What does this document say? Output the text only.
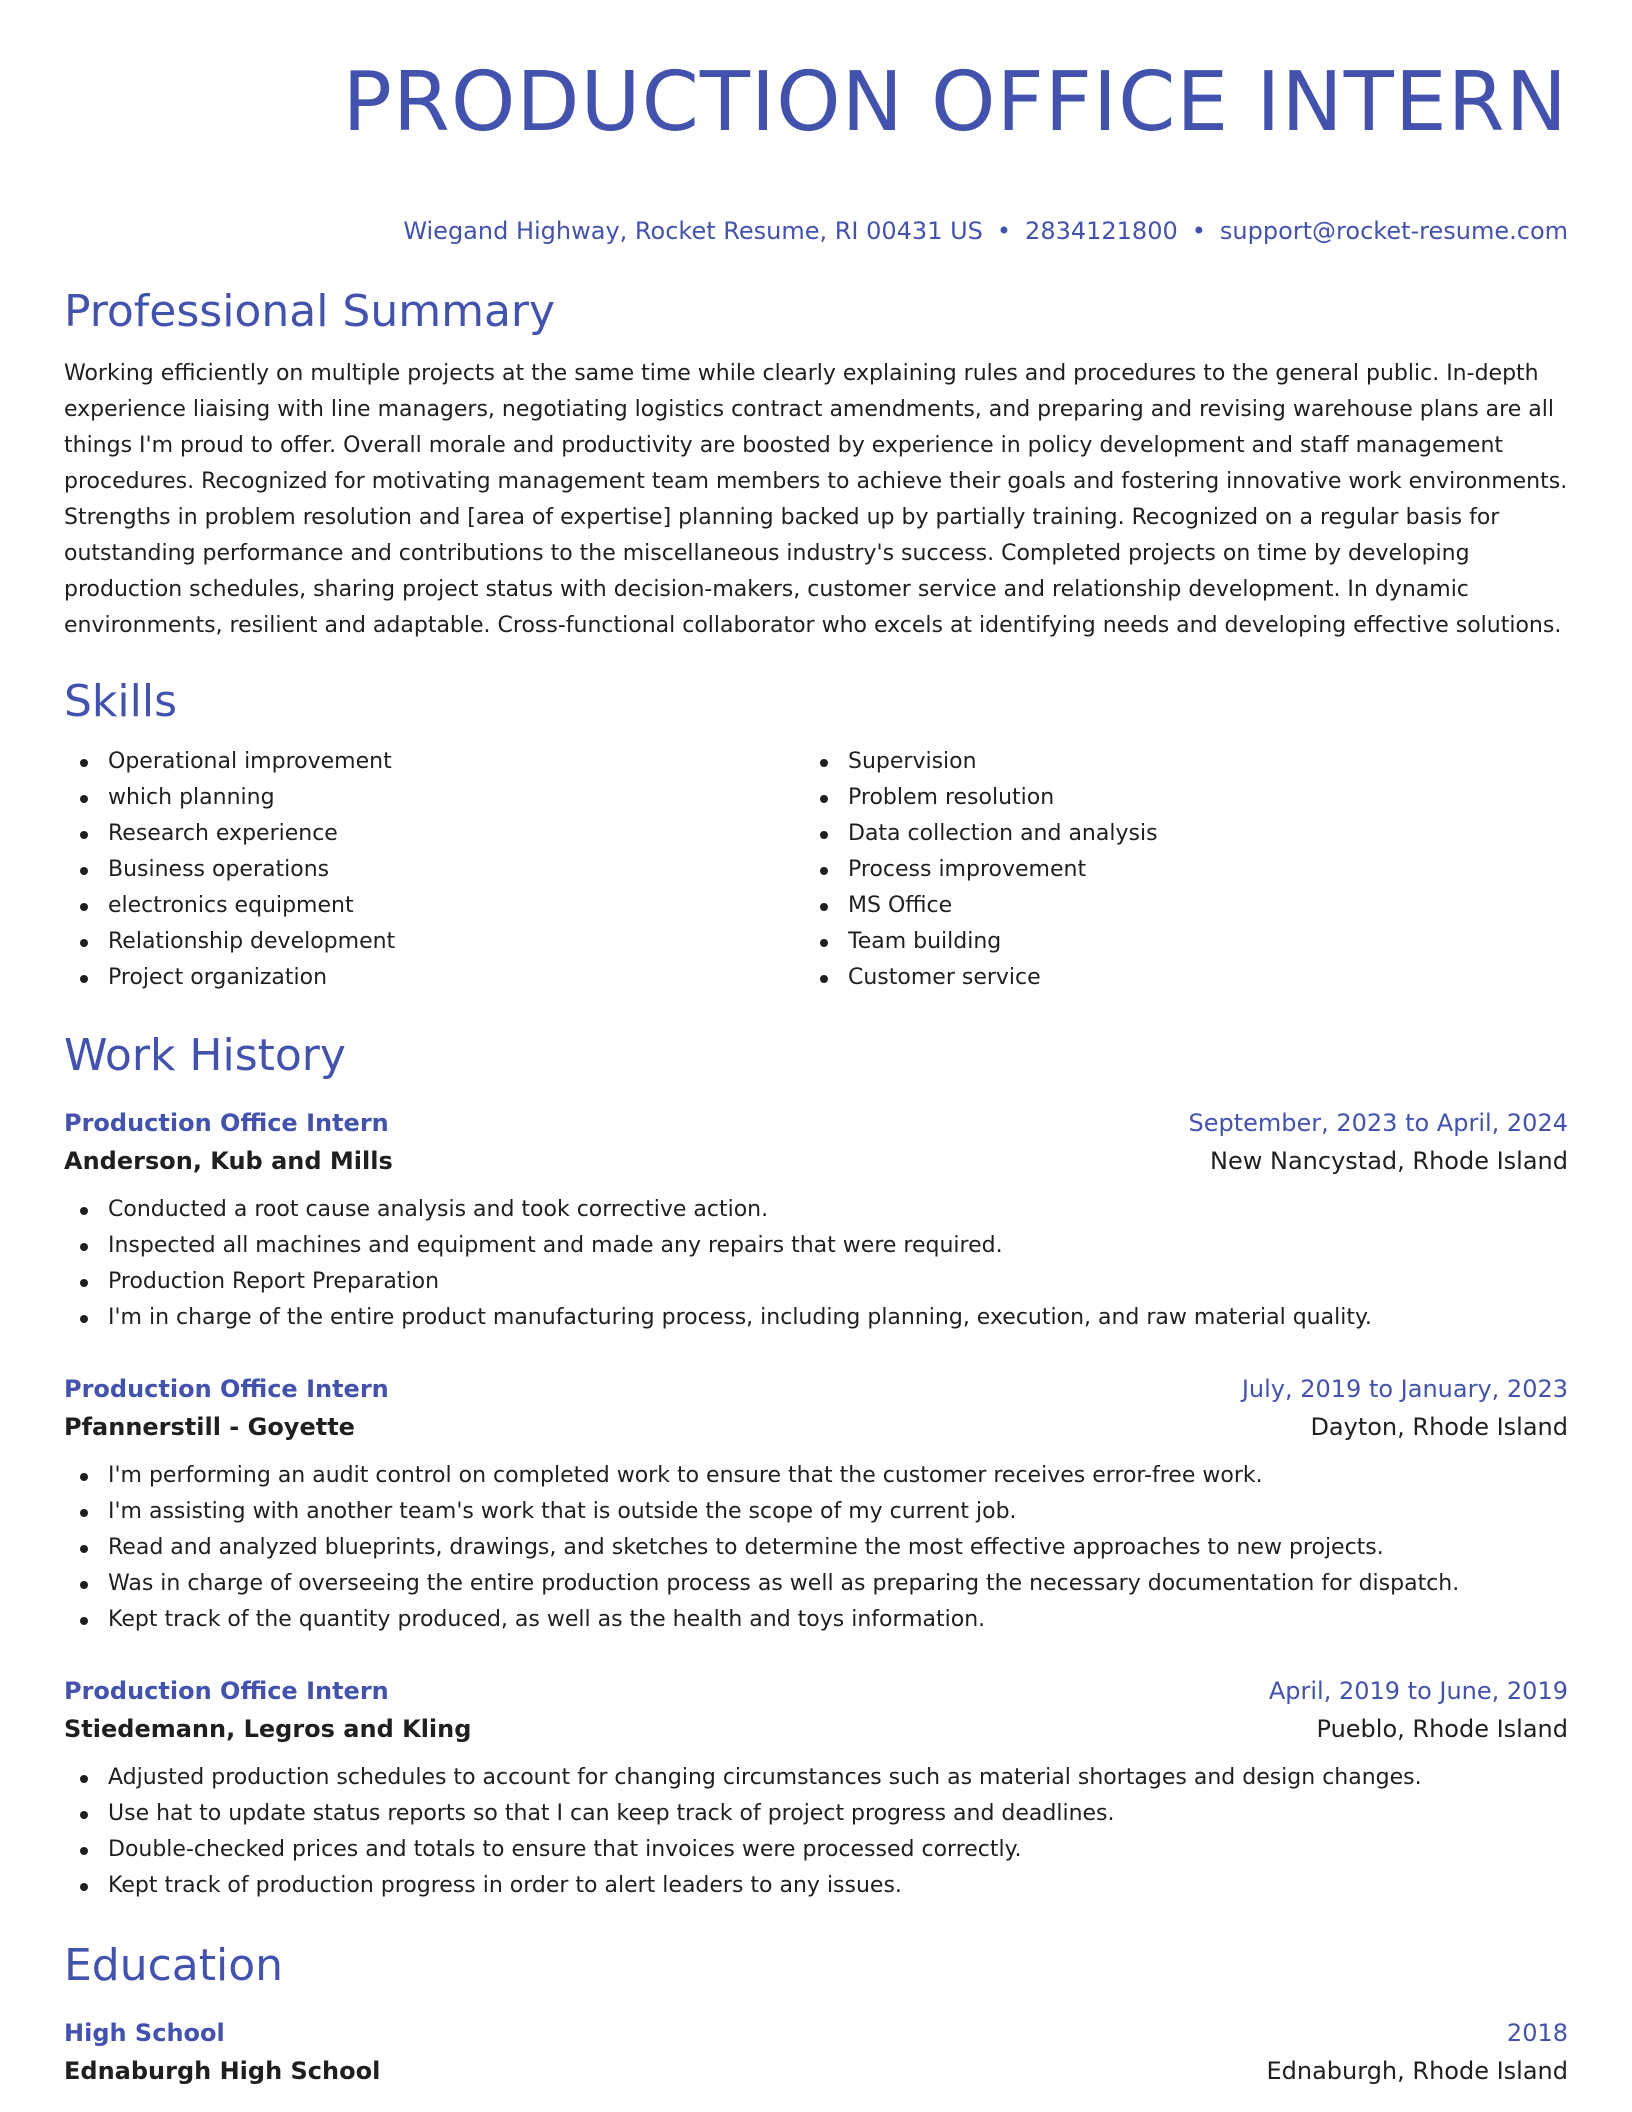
PRODUCTION OFFICE INTERN
Wiegand Highway, Rocket Resume, RI 00431 US • 2834121800 • support@rocket-resume.com
Professional Summary
Working efficiently on multiple projects at the same time while clearly explaining rules and procedures to the general public. In-depth experience liaising with line managers, negotiating logistics contract amendments, and preparing and revising warehouse plans are all things I'm proud to offer. Overall morale and productivity are boosted by experience in policy development and staff management procedures. Recognized for motivating management team members to achieve their goals and fostering innovative work environments. Strengths in problem resolution and [area of expertise] planning backed up by partially training. Recognized on a regular basis for outstanding performance and contributions to the miscellaneous industry's success. Completed projects on time by developing production schedules, sharing project status with decision-makers, customer service and relationship development. In dynamic environments, resilient and adaptable. Cross-functional collaborator who excels at identifying needs and developing effective solutions.
Skills
Operational improvement
which planning
Research experience
Business operations
electronics equipment
Relationship development
Project organization
Supervision
Problem resolution
Data collection and analysis
Process improvement
MS Office
Team building
Customer service
Work History
Production Office Intern	September, 2023 to April, 2024
Anderson, Kub and Mills	New Nancystad, Rhode Island
Conducted a root cause analysis and took corrective action.
Inspected all machines and equipment and made any repairs that were required.
Production Report Preparation
I'm in charge of the entire product manufacturing process, including planning, execution, and raw material quality.
Production Office Intern	July, 2019 to January, 2023
Pfannerstill - Goyette	Dayton, Rhode Island
I'm performing an audit control on completed work to ensure that the customer receives error-free work.
I'm assisting with another team's work that is outside the scope of my current job.
Read and analyzed blueprints, drawings, and sketches to determine the most effective approaches to new projects.
Was in charge of overseeing the entire production process as well as preparing the necessary documentation for dispatch.
Kept track of the quantity produced, as well as the health and toys information.
Production Office Intern	April, 2019 to June, 2019
Stiedemann, Legros and Kling	Pueblo, Rhode Island
Adjusted production schedules to account for changing circumstances such as material shortages and design changes.
Use hat to update status reports so that I can keep track of project progress and deadlines.
Double-checked prices and totals to ensure that invoices were processed correctly.
Kept track of production progress in order to alert leaders to any issues.
Education
High School	2018
Ednaburgh High School	Ednaburgh, Rhode Island
